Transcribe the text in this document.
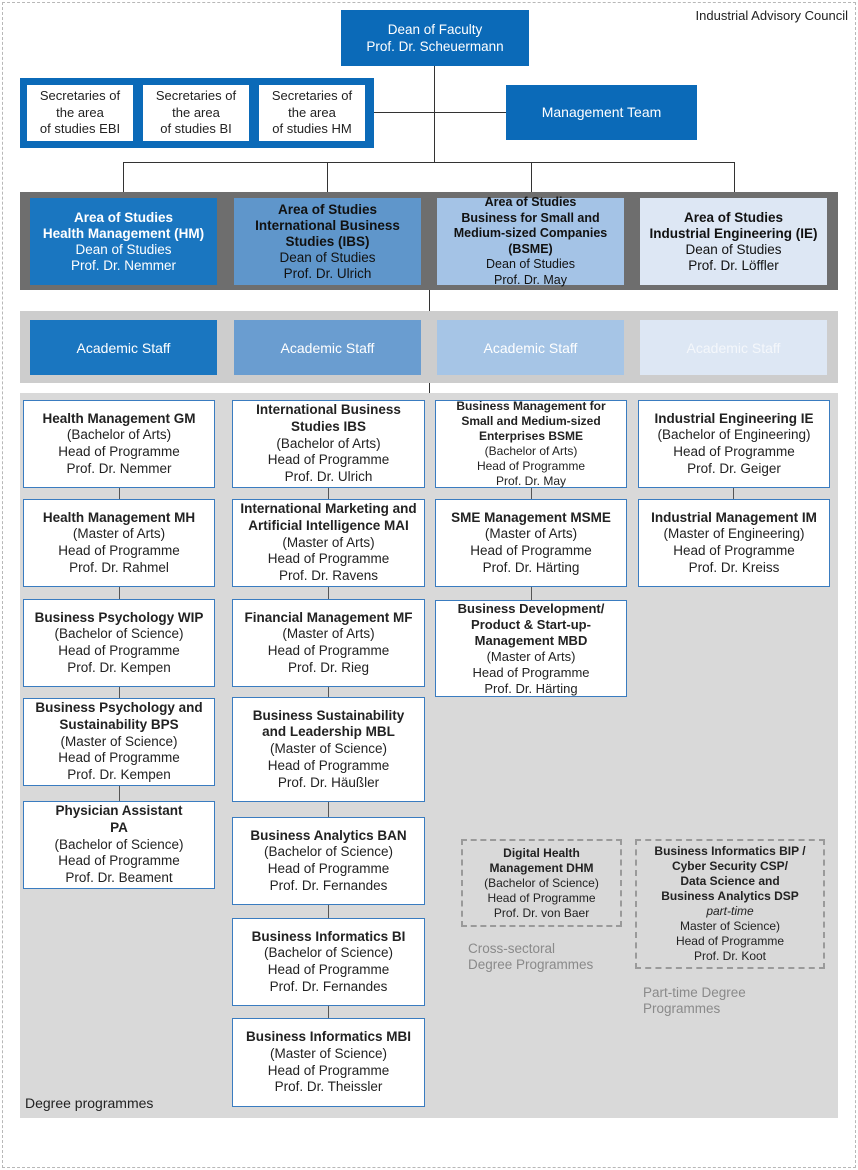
Industrial Advisory Council
Dean of Faculty
Prof. Dr. Scheuermann
Secretaries of
the area
of studies EBI
Secretaries of
the area
of studies BI
Secretaries of
the area
of studies HM
Management Team
Area of Studies
Health Management (HM)
Dean of Studies
Prof. Dr. Nemmer
Area of Studies
International Business
Studies (IBS)
Dean of Studies
Prof. Dr. Ulrich
Area of Studies
Business for Small and
Medium-sized Companies
(BSME)
Dean of Studies
Prof. Dr. May
Area of Studies
Industrial Engineering (IE)
Dean of Studies
Prof. Dr. Löffler
Academic Staff	Academic Staff	Academic Staff	Academic Staff
Health Management GM
(Bachelor of Arts)
Head of Programme
Prof. Dr. Nemmer
Health Management MH
(Master of Arts)
Head of Programme
Prof. Dr. Rahmel
Business Psychology WIP
(Bachelor of Science)
Head of Programme
Prof. Dr. Kempen
Business Psychology and
Sustainability BPS
(Master of Science)
Head of Programme
Prof. Dr. Kempen
Physician Assistant
PA
(Bachelor of Science)
Head of Programme
Prof. Dr. Beament
International Business
Studies IBS
(Bachelor of Arts)
Head of Programme
Prof. Dr. Ulrich
International Marketing and
Artificial Intelligence MAI
(Master of Arts)
Head of Programme
Prof. Dr. Ravens
Financial Management MF
(Master of Arts)
Head of Programme
Prof. Dr. Rieg
Business Sustainability
and Leadership MBL
(Master of Science)
Head of Programme
Prof. Dr. Häußler
Business Analytics BAN
(Bachelor of Science)
Head of Programme
Prof. Dr. Fernandes
Business Informatics BI
(Bachelor of Science)
Head of Programme
Prof. Dr. Fernandes
Business Informatics MBI
(Master of Science)
Head of Programme
Prof. Dr. Theissler
Business Management for
Small and Medium-sized
Enterprises BSME
(Bachelor of Arts)
Head of Programme
Prof. Dr. May
SME Management MSME
(Master of Arts)
Head of Programme
Prof. Dr. Härting
Business Development/
Product & Start-up-
Management MBD
(Master of Arts)
Head of Programme
Prof. Dr. Härting
Industrial Engineering IE
(Bachelor of Engineering)
Head of Programme
Prof. Dr. Geiger
Industrial Management IM
(Master of Engineering)
Head of Programme
Prof. Dr. Kreiss
Digital Health
Management DHM
(Bachelor of Science)
Head of Programme
Prof. Dr. von Baer
Cross-sectoral
Degree Programmes
Business Informatics BIP /
Cyber Security CSP/
Data Science and
Business Analytics DSP
part-time
Master of Science)
Head of Programme
Prof. Dr. Koot
Part-time Degree
Programmes
Degree programmes
